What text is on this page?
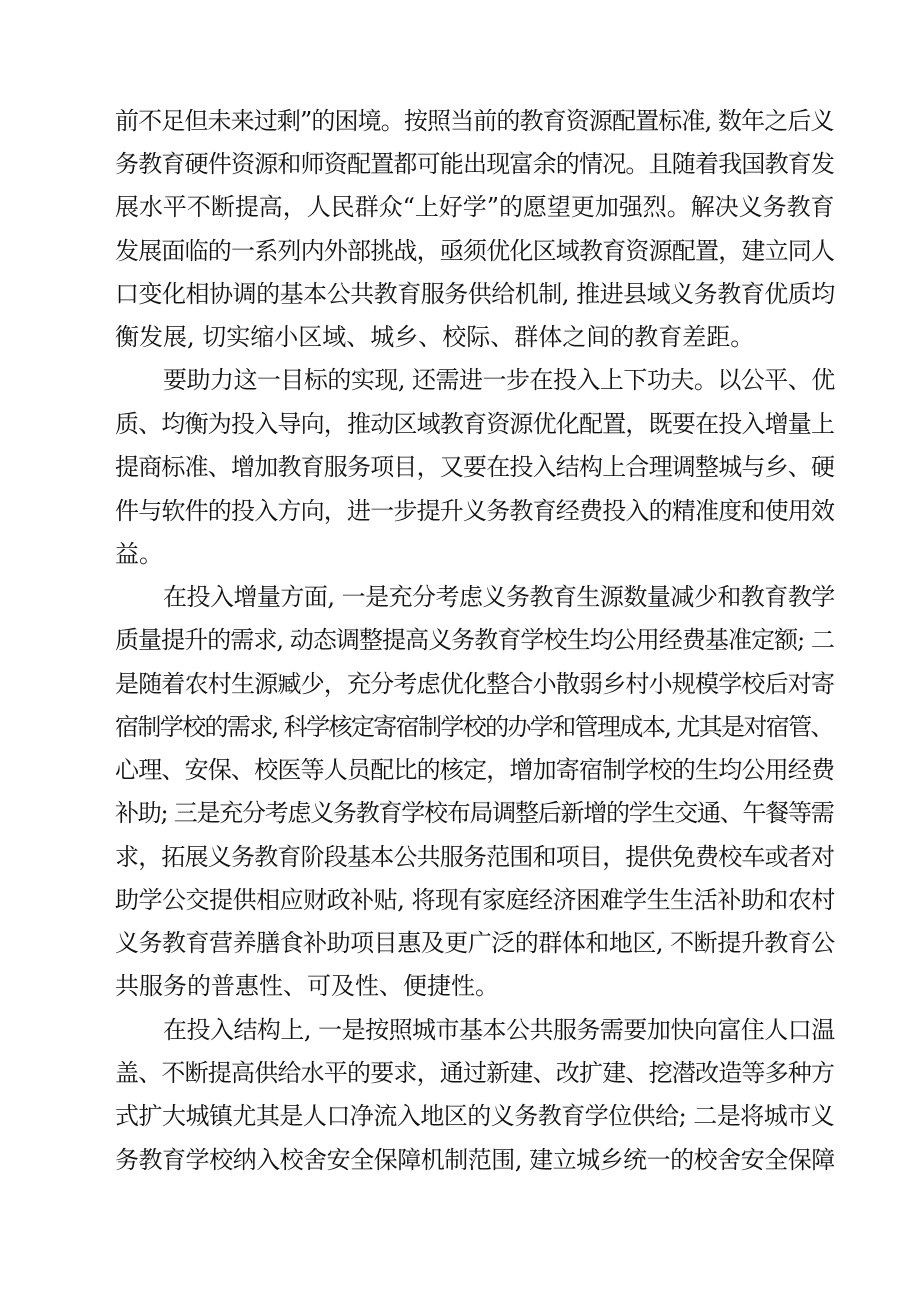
前不足但未来过剩”的困境。按照当前的教育资源配置标准, 数年之后义
务教育硬件资源和师资配置都可能出现富余的情况。且随着我国教育发
展水平不断提高，人民群众“上好学”的愿望更加强烈。解决义务教育
发展面临的一系列内外部挑战，亟须优化区域教育资源配置，建立同人
口变化相协调的基本公共教育服务供给机制, 推进县域义务教育优质均
衡发展, 切实缩小区域、城乡、校际、群体之间的教育差距。
要助力这一目标的实现, 还需进一步在投入上下功夫。以公平、优
质、均衡为投入导向，推动区域教育资源优化配置，既要在投入增量上
提商标准、增加教育服务项目，又要在投入结构上合理调整城与乡、硬
件与软件的投入方向，进一步提升义务教育经费投入的精准度和使用效
益。
在投入增量方面, 一是充分考虑义务教育生源数量减少和教育教学
质量提升的需求, 动态调整提高义务教育学校生均公用经费基准定额; 二
是随着农村生源臧少，充分考虑优化整合小散弱乡村小规模学校后对寄
宿制学校的需求, 科学核定寄宿制学校的办学和管理成本, 尤其是对宿管、
心理、安保、校医等人员配比的核定，增加寄宿制学校的生均公用经费
补助; 三是充分考虑义务教育学校布局调整后新增的学生交通、午餐等需
求，拓展义务教育阶段基本公共服务范围和项目，提供免费校车或者对
助学公交提供相应财政补贴, 将现有家庭经济困难学生生活补助和农村
义务教育营养膳食补助项目惠及更广泛的群体和地区, 不断提升教育公
共服务的普惠性、可及性、便捷性。
在投入结构上, 一是按照城市基本公共服务需要加快向富住人口温
盖、不断提高供给水平的要求，通过新建、改扩建、挖潜改造等多种方
式扩大城镇尤其是人口净流入地区的义务教育学位供给; 二是将城市义
务教育学校纳入校舍安全保障机制范围, 建立城乡统一的校舍安全保障
